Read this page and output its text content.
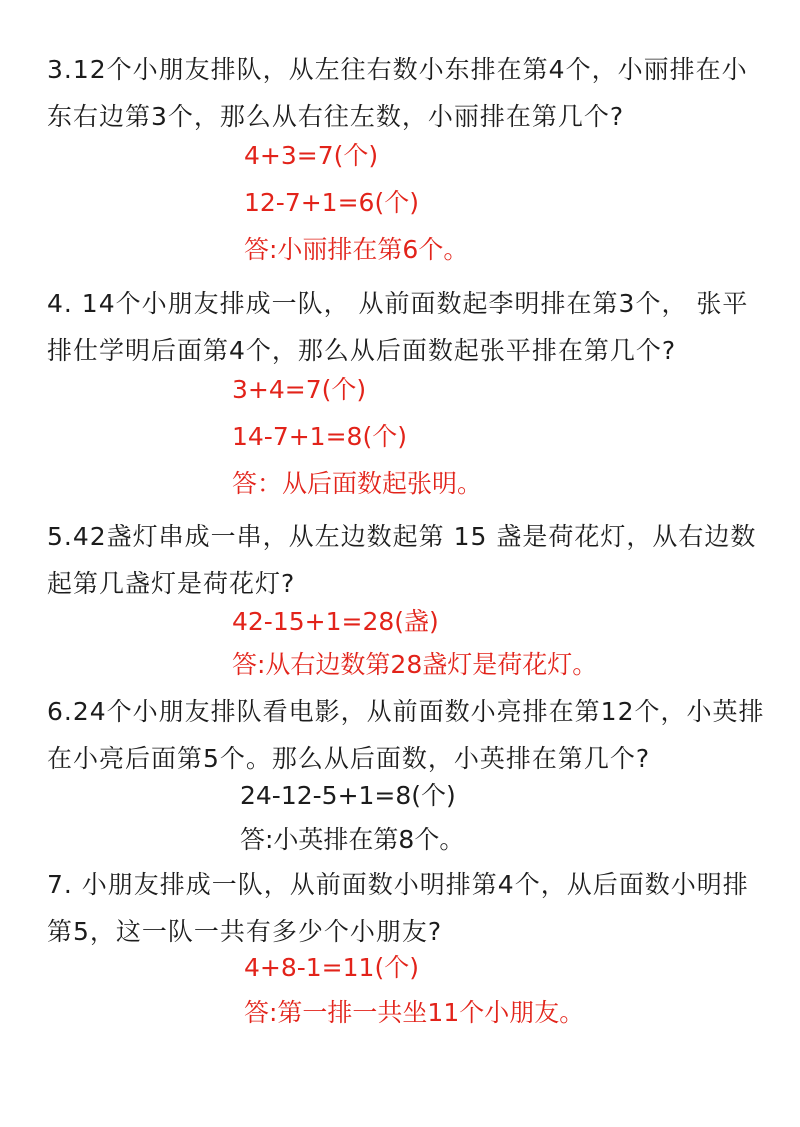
3.12个小朋友排队，从左往右数小东排在第4个，小丽排在小东右边第3个，那么从右往左数，小丽排在第几个?

4+3=7(个)

12-7+1=6(个)

答:小丽排在第6个。

4. 14个小朋友排成一队， 从前面数起李明排在第3个， 张平排仕学明后面第4个，那么从后面数起张平排在第几个?

3+4=7(个)

14-7+1=8(个)

答：从后面数起张明。

5.42盏灯串成一串，从左边数起第 15 盏是荷花灯，从右边数起第几盏灯是荷花灯?

42-15+1=28(盏)

答:从右边数第28盏灯是荷花灯。

6.24个小朋友排队看电影，从前面数小亮排在第12个，小英排在小亮后面第5个。那么从后面数，小英排在第几个?

24-12-5+1=8(个)

答:小英排在第8个。

7. 小朋友排成一队，从前面数小明排第4个，从后面数小明排第5，这一队一共有多少个小朋友?

4+8-1=11(个)

答:第一排一共坐11个小朋友。
